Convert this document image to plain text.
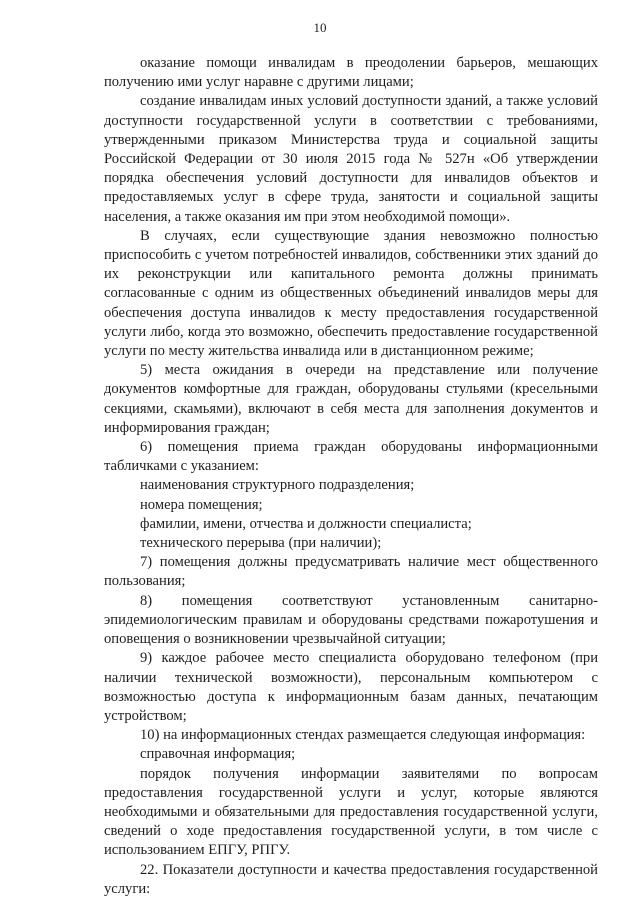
10

оказание помощи инвалидам в преодолении барьеров, мешающих получению ими услуг наравне с другими лицами;

создание инвалидам иных условий доступности зданий, а также условий доступности государственной услуги в соответствии с требованиями, утвержденными приказом Министерства труда и социальной защиты Российской Федерации от 30 июля 2015 года № 527н «Об утверждении порядка обеспечения условий доступности для инвалидов объектов и предоставляемых услуг в сфере труда, занятости и социальной защиты населения, а также оказания им при этом необходимой помощи».

В случаях, если существующие здания невозможно полностью приспособить с учетом потребностей инвалидов, собственники этих зданий до их реконструкции или капитального ремонта должны принимать согласованные с одним из общественных объединений инвалидов меры для обеспечения доступа инвалидов к месту предоставления государственной услуги либо, когда это возможно, обеспечить предоставление государственной услуги по месту жительства инвалида или в дистанционном режиме;

5) места ожидания в очереди на представление или получение документов комфортные для граждан, оборудованы стульями (кресельными секциями, скамьями), включают в себя места для заполнения документов и информирования граждан;

6) помещения приема граждан оборудованы информационными табличками с указанием:

наименования структурного подразделения;

номера помещения;

фамилии, имени, отчества и должности специалиста;

технического перерыва (при наличии);

7) помещения должны предусматривать наличие мест общественного пользования;

8) помещения соответствуют установленным санитарно-эпидемиологическим правилам и оборудованы средствами пожаротушения и оповещения о возникновении чрезвычайной ситуации;

9) каждое рабочее место специалиста оборудовано телефоном (при наличии технической возможности), персональным компьютером с возможностью доступа к информационным базам данных, печатающим устройством;

10) на информационных стендах размещается следующая информация:

справочная информация;

порядок получения информации заявителями по вопросам предоставления государственной услуги и услуг, которые являются необходимыми и обязательными для предоставления государственной услуги, сведений о ходе предоставления государственной услуги, в том числе с использованием ЕПГУ, РПГУ.

22. Показатели доступности и качества предоставления государственной услуги:
